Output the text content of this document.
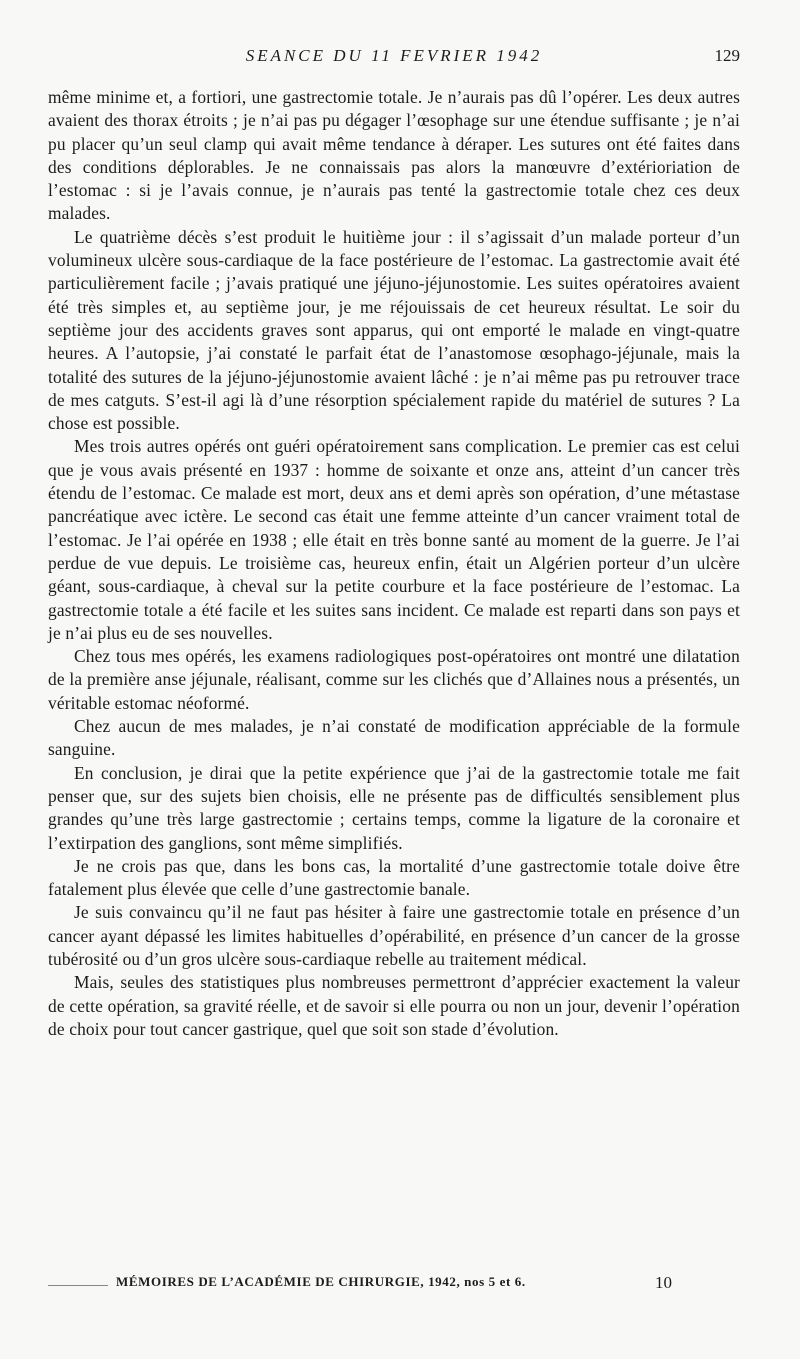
SEANCE DU 11 FEVRIER 1942	129

même minime et, a fortiori, une gastrectomie totale. Je n’aurais pas dû l’opérer. Les deux autres avaient des thorax étroits ; je n’ai pas pu dégager l’œsophage sur une étendue suffisante ; je n’ai pu placer qu’un seul clamp qui avait même tendance à déraper. Les sutures ont été faites dans des conditions déplorables. Je ne connaissais pas alors la manœuvre d’extérioriation de l’estomac : si je l’avais connue, je n’aurais pas tenté la gastrectomie totale chez ces deux malades.

Le quatrième décès s’est produit le huitième jour : il s’agissait d’un malade porteur d’un volumineux ulcère sous-cardiaque de la face postérieure de l’estomac. La gastrectomie avait été particulièrement facile ; j’avais pratiqué une jéjuno-jéjunostomie. Les suites opératoires avaient été très simples et, au septième jour, je me réjouissais de cet heureux résultat. Le soir du septième jour des accidents graves sont apparus, qui ont emporté le malade en vingt-quatre heures. A l’autopsie, j’ai constaté le parfait état de l’anastomose œsophago-jéjunale, mais la totalité des sutures de la jéjuno-jéjunostomie avaient lâché : je n’ai même pas pu retrouver trace de mes catguts. S’est-il agi là d’une résorption spécialement rapide du matériel de sutures ? La chose est possible.

Mes trois autres opérés ont guéri opératoirement sans complication. Le premier cas est celui que je vous avais présenté en 1937 : homme de soixante et onze ans, atteint d’un cancer très étendu de l’estomac. Ce malade est mort, deux ans et demi après son opération, d’une métastase pancréatique avec ictère. Le second cas était une femme atteinte d’un cancer vraiment total de l’estomac. Je l’ai opérée en 1938 ; elle était en très bonne santé au moment de la guerre. Je l’ai perdue de vue depuis. Le troisième cas, heureux enfin, était un Algérien porteur d’un ulcère géant, sous-cardiaque, à cheval sur la petite courbure et la face postérieure de l’estomac. La gastrectomie totale a été facile et les suites sans incident. Ce malade est reparti dans son pays et je n’ai plus eu de ses nouvelles.

Chez tous mes opérés, les examens radiologiques post-opératoires ont montré une dilatation de la première anse jéjunale, réalisant, comme sur les clichés que d’Allaines nous a présentés, un véritable estomac néoformé.

Chez aucun de mes malades, je n’ai constaté de modification appréciable de la formule sanguine.

En conclusion, je dirai que la petite expérience que j’ai de la gastrectomie totale me fait penser que, sur des sujets bien choisis, elle ne présente pas de difficultés sensiblement plus grandes qu’une très large gastrectomie ; certains temps, comme la ligature de la coronaire et l’extirpation des ganglions, sont même simplifiés.

Je ne crois pas que, dans les bons cas, la mortalité d’une gastrectomie totale doive être fatalement plus élevée que celle d’une gastrectomie banale.

Je suis convaincu qu’il ne faut pas hésiter à faire une gastrectomie totale en présence d’un cancer ayant dépassé les limites habituelles d’opérabilité, en présence d’un cancer de la grosse tubérosité ou d’un gros ulcère sous-cardiaque rebelle au traitement médical.

Mais, seules des statistiques plus nombreuses permettront d’apprécier exactement la valeur de cette opération, sa gravité réelle, et de savoir si elle pourra ou non un jour, devenir l’opération de choix pour tout cancer gastrique, quel que soit son stade d’évolution.

MÉMOIRES DE L’ACADÉMIE DE CHIRURGIE, 1942, nos 5 et 6.	10
